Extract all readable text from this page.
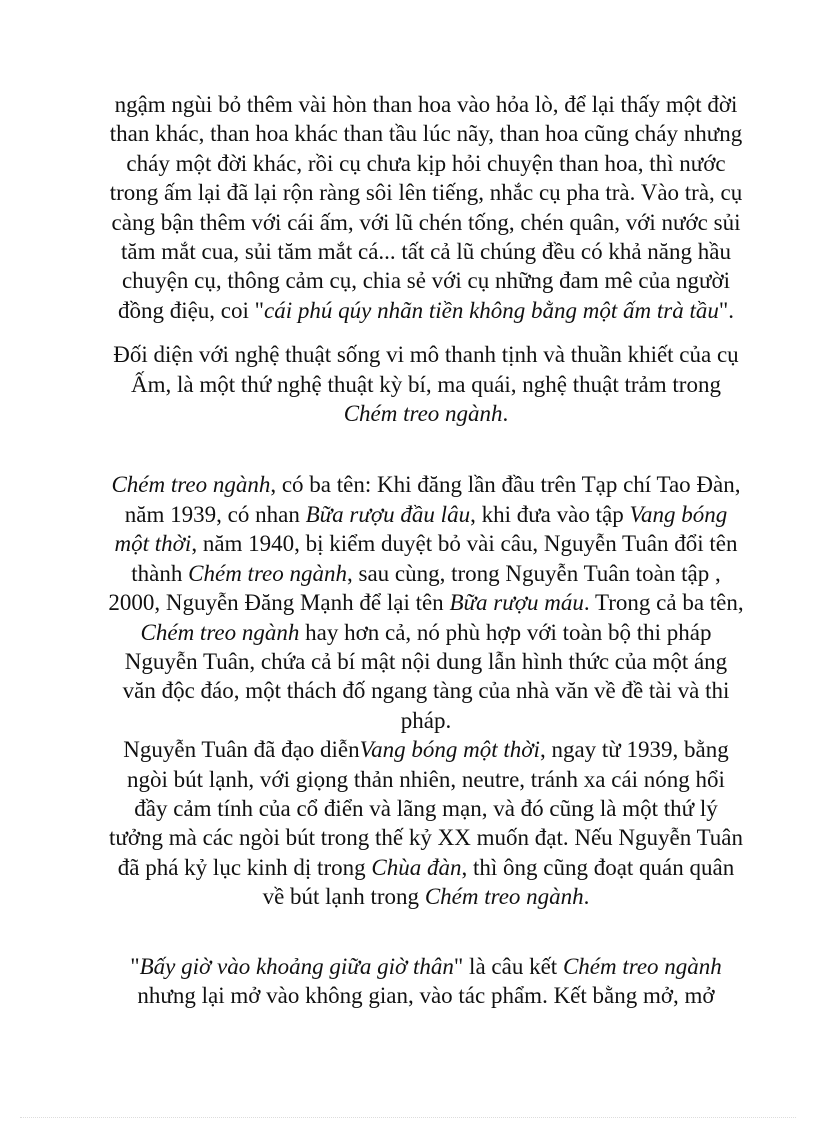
ngậm ngùi bỏ thêm vài hòn than hoa vào hỏa lò, để lại thấy một đời than khác, than hoa khác than tầu lúc nãy, than hoa cũng cháy nhưng cháy một đời khác, rồi cụ chưa kịp hỏi chuyện than hoa, thì nước trong ấm lại đã lại rộn ràng sôi lên tiếng, nhắc cụ pha trà. Vào trà, cụ càng bận thêm với cái ấm, với lũ chén tống, chén quân, với nước sủi tăm mắt cua, sủi tăm mắt cá... tất cả lũ chúng đều có khả năng hầu chuyện cụ, thông cảm cụ, chia sẻ với cụ những đam mê của người đồng điệu, coi "cái phú qúy nhãn tiền không bằng một ấm trà tầu".

Đối diện với nghệ thuật sống vi mô thanh tịnh và thuần khiết của cụ Ấm, là một thứ nghệ thuật kỳ bí, ma quái, nghệ thuật trảm trong Chém treo ngành.

Chém treo ngành, có ba tên: Khi đăng lần đầu trên Tạp chí Tao Đàn, năm 1939, có nhan Bữa rượu đầu lâu, khi đưa vào tập Vang bóng một thời, năm 1940, bị kiểm duyệt bỏ vài câu, Nguyễn Tuân đổi tên thành Chém treo ngành, sau cùng, trong Nguyễn Tuân toàn tập , 2000, Nguyễn Đăng Mạnh để lại tên Bữa rượu máu. Trong cả ba tên, Chém treo ngành hay hơn cả, nó phù hợp với toàn bộ thi pháp Nguyễn Tuân, chứa cả bí mật nội dung lẫn hình thức của một áng văn độc đáo, một thách đố ngang tàng của nhà văn về đề tài và thi pháp.

Nguyễn Tuân đã đạo diễnVang bóng một thời, ngay từ 1939, bằng ngòi bút lạnh, với giọng thản nhiên, neutre, tránh xa cái nóng hổi đầy cảm tính của cổ điển và lãng mạn, và đó cũng là một thứ lý tưởng mà các ngòi bút trong thế kỷ XX muốn đạt. Nếu Nguyễn Tuân đã phá kỷ lục kinh dị trong Chùa đàn, thì ông cũng đoạt quán quân về bút lạnh trong Chém treo ngành.

"Bấy giờ vào khoảng giữa giờ thân" là câu kết Chém treo ngành nhưng lại mở vào không gian, vào tác phẩm. Kết bằng mở, mở
